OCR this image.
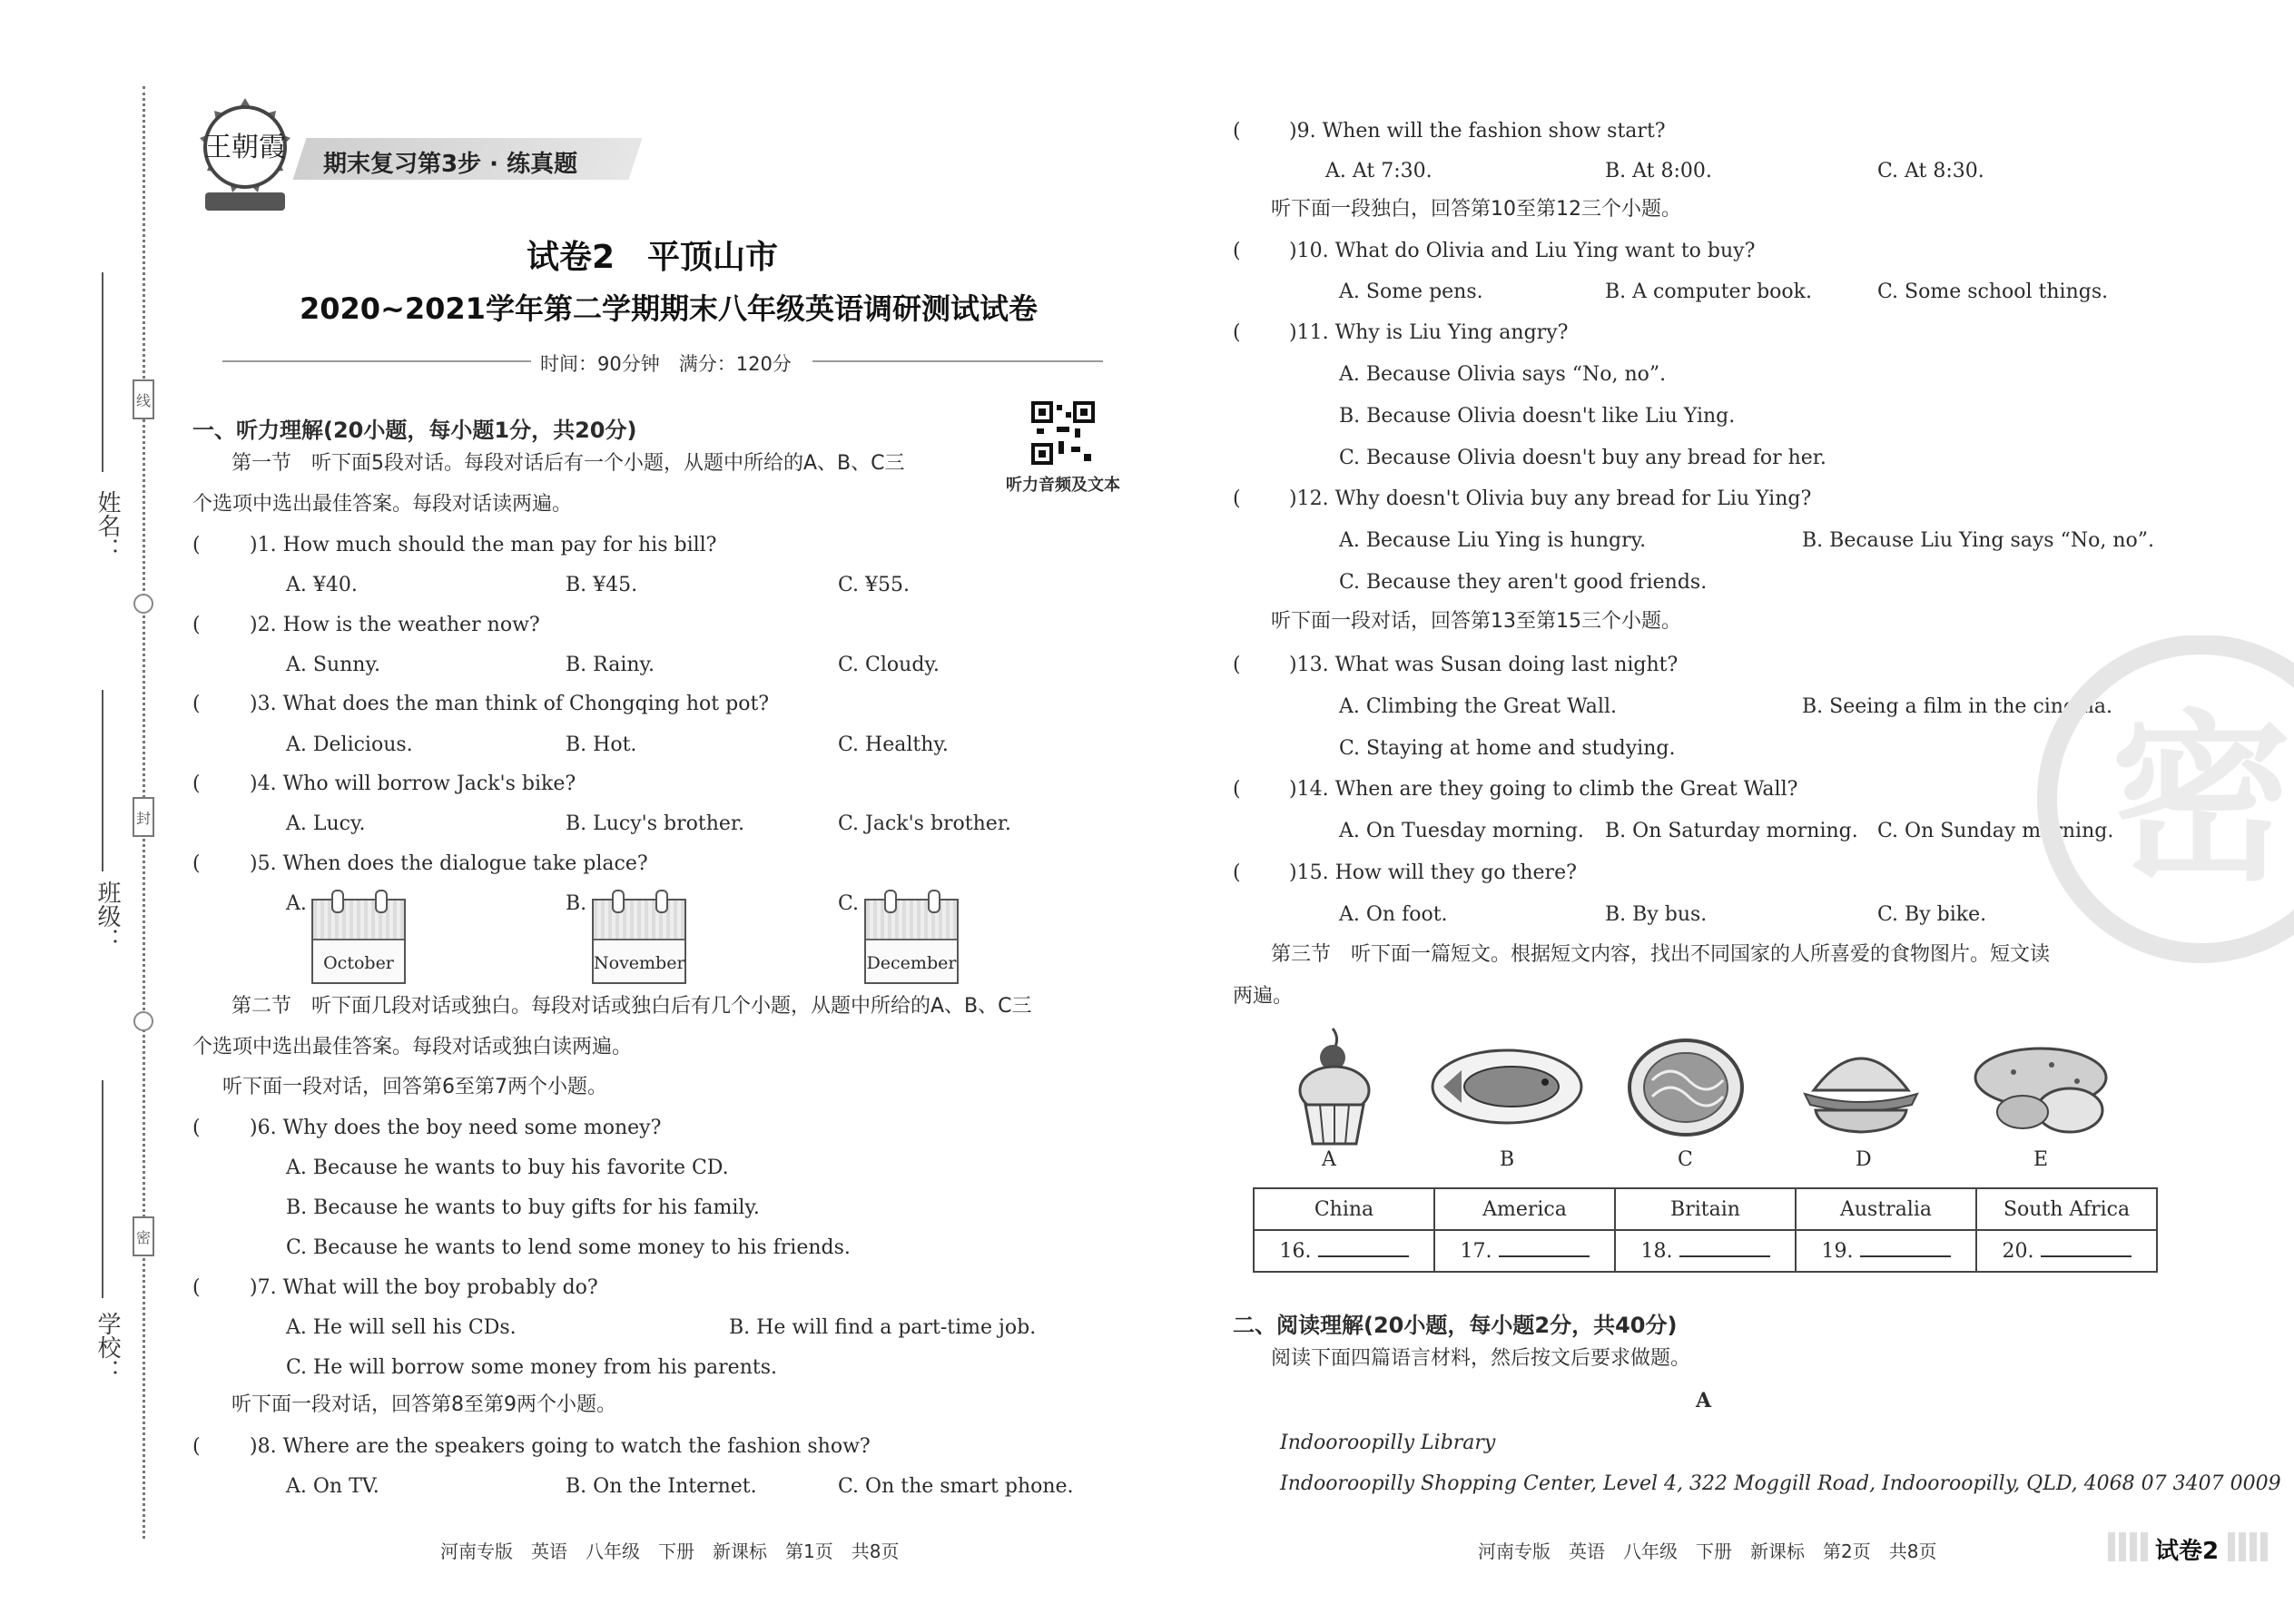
线
封
密
姓名：
班级：
学校：
王朝霞
期末复习第3步 · 练真题
试卷2　平顶山市
2020~2021学年第二学期期末八年级英语调研测试试卷
时间：90分钟　满分：120分
听力音频及文本
一、听力理解(20小题，每小题1分，共20分)
第一节　听下面5段对话。每段对话后有一个小题，从题中所给的A、B、C三
个选项中选出最佳答案。每段对话读两遍。
( )1. How much should the man pay for his bill?
A. ¥40.	B. ¥45.	C. ¥55.
( )2. How is the weather now?
A. Sunny.	B. Rainy.	C. Cloudy.
( )3. What does the man think of Chongqing hot pot?
A. Delicious.	B. Hot.	C. Healthy.
( )4. Who will borrow Jack's bike?
A. Lucy.	B. Lucy's brother.	C. Jack's brother.
( )5. When does the dialogue take place?
A.	B.	C.
October	November	December
第二节　听下面几段对话或独白。每段对话或独白后有几个小题，从题中所给的A、B、C三
个选项中选出最佳答案。每段对话或独白读两遍。
听下面一段对话，回答第6至第7两个小题。
( )6. Why does the boy need some money?
A. Because he wants to buy his favorite CD.
B. Because he wants to buy gifts for his family.
C. Because he wants to lend some money to his friends.
( )7. What will the boy probably do?
A. He will sell his CDs.	B. He will find a part-time job.
C. He will borrow some money from his parents.
听下面一段对话，回答第8至第9两个小题。
( )8. Where are the speakers going to watch the fashion show?
A. On TV.	B. On the Internet.	C. On the smart phone.
河南专版　英语　八年级　下册　新课标　第1页　共8页
( )9. When will the fashion show start?
A. At 7:30.	B. At 8:00.	C. At 8:30.
听下面一段独白，回答第10至第12三个小题。
( )10. What do Olivia and Liu Ying want to buy?
A. Some pens.	B. A computer book.	C. Some school things.
( )11. Why is Liu Ying angry?
A. Because Olivia says “No, no”.
B. Because Olivia doesn't like Liu Ying.
C. Because Olivia doesn't buy any bread for her.
( )12. Why doesn't Olivia buy any bread for Liu Ying?
A. Because Liu Ying is hungry.	B. Because Liu Ying says “No, no”.
C. Because they aren't good friends.
听下面一段对话，回答第13至第15三个小题。
( )13. What was Susan doing last night?
A. Climbing the Great Wall.	B. Seeing a film in the cinema.
C. Staying at home and studying.
( )14. When are they going to climb the Great Wall?
A. On Tuesday morning. B. On Saturday morning. C. On Sunday morning.
( )15. How will they go there?
A. On foot.	B. By bus.	C. By bike.
第三节　听下面一篇短文。根据短文内容，找出不同国家的人所喜爱的食物图片。短文读
两遍。
A	B	C	D	E
China	America	Britain	Australia	South Africa
16.	17.	18.	19.	20.
二、阅读理解(20小题，每小题2分，共40分)
阅读下面四篇语言材料，然后按文后要求做题。
A
Indooroopilly Library
Indooroopilly Shopping Center, Level 4, 322 Moggill Road, Indooroopilly, QLD, 4068 07 3407 0009
密
河南专版　英语　八年级　下册　新课标　第2页　共8页	试卷2
